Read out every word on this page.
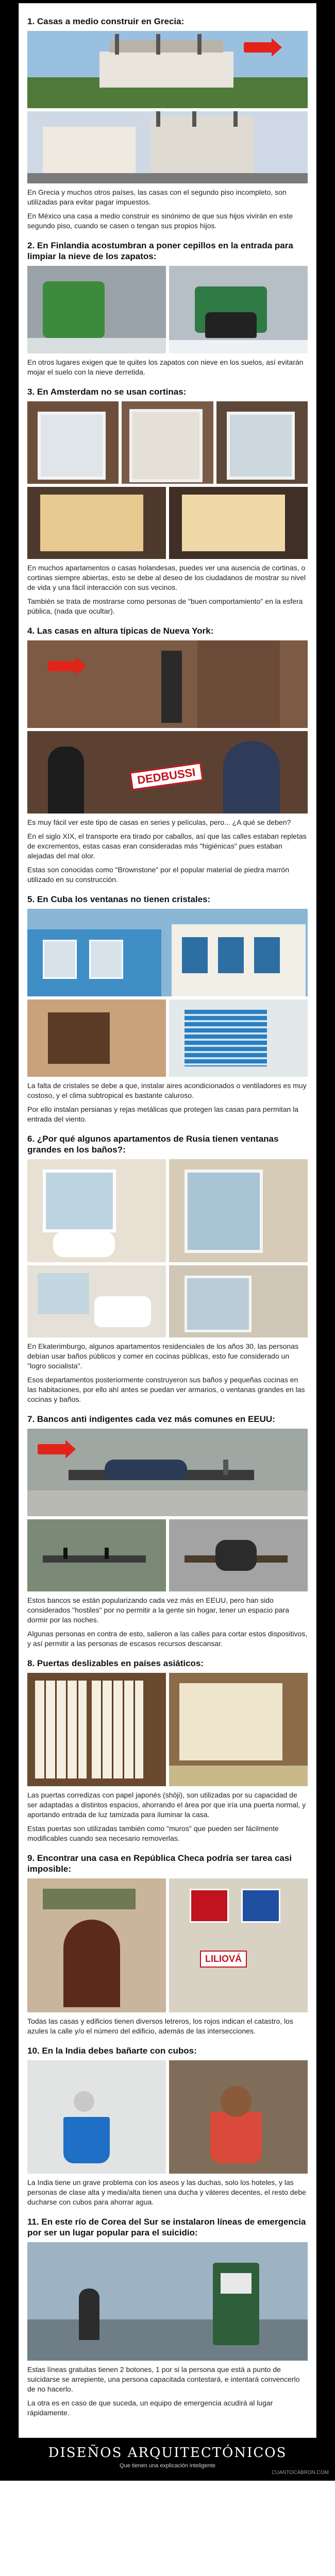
1. Casas a medio construir en Grecia:

En Grecia y muchos otros países, las casas con el segundo piso incompleto, son utilizadas para evitar pagar impuestos.

En México una casa a medio construir es sinónimo de que sus hijos vivirán en este segundo piso, cuando se casen o tengan sus propios hijos.

2. En Finlandia acostumbran a poner cepillos en la entrada para limpiar la nieve de los zapatos:

En otros lugares exigen que te quites los zapatos con nieve en los suelos, así evitarán mojar el suelo con la nieve derretida.

3. En Amsterdam no se usan cortinas:

En muchos apartamentos o casas holandesas, puedes ver una ausencia de cortinas, o cortinas siempre abiertas, esto se debe al deseo de los ciudadanos de mostrar su nivel de vida y una fácil interacción con sus vecinos.

También se trata de mostrarse como personas de "buen comportamiento" en la esfera pública, (nada que ocultar).

4. Las casas en altura típicas de Nueva York:
DEDBUSSI

Es muy fácil ver este tipo de casas en series y películas, pero... ¿A qué se deben?

En el siglo XIX, el transporte era tirado por caballos, así que las calles estaban repletas de excrementos, estas casas eran consideradas más "higiénicas" pues estaban alejadas del mal olor.

Estas son conocidas como "Brownstone" por el popular material de piedra marrón utilizado en su construcción.

5. En Cuba los ventanas no tienen cristales:

La falta de cristales se debe a que, instalar aires acondicionados o ventiladores es muy costoso, y el clima subtropical es bastante caluroso.

Por ello instalan persianas y rejas metálicas que protegen las casas para permitan la entrada del viento.

6. ¿Por qué algunos apartamentos de Rusia tienen ventanas grandes en los baños?:

En Ekaterimburgo, algunos apartamentos residenciales de los años 30, las personas debían usar baños públicos y comer en cocinas públicas, esto fue considerado un "logro socialista".

Esos departamentos posteriormente construyeron sus baños y pequeñas cocinas en las habitaciones, por ello ahí antes se puedan ver armarios, o ventanas grandes en las cocinas y baños.

7. Bancos anti indigentes cada vez más comunes en EEUU:

Estos bancos se están popularizando cada vez más en EEUU, pero han sido considerados "hostiles" por no permitir a la gente sin hogar, tener un espacio para dormir por las noches.

Algunas personas en contra de esto, salieron a las calles para cortar estos dispositivos, y así permitir a las personas de escasos recursos descansar.

8. Puertas deslizables en países asiáticos:

Las puertas corredizas con papel japonés (shōji), son utilizadas por su capacidad de ser adaptadas a distintos espacios, ahorrando el área por que iría una puerta normal, y aportando entrada de luz tamizada para iluminar la casa.

Estas puertas son utilizadas también como "muros" que pueden ser fácilmente modificables cuando sea necesario removerlas.

9. Encontrar una casa en República Checa podría ser tarea casi imposible:
LILIOVÁ

Todas las casas y edificios tienen diversos letreros, los rojos indican el catastro, los azules la calle y/o el número del edificio, además de las intersecciones.

10. En la India debes bañarte con cubos:

La India tiene un grave problema con los aseos y las duchas, solo los hoteles, y las personas de clase alta y media/alta tienen una ducha y váteres decentes, el resto debe ducharse con cubos para ahorrar agua.

11. En este río de Corea del Sur se instalaron líneas de emergencia por ser un lugar popular para el suicidio:

Estas líneas gratuitas tienen 2 botones, 1 por si la persona que está a punto de suicidarse se arrepiente, una persona capacitada contestará, e intentará convencerlo de no hacerlo.

La otra es en caso de que suceda, un equipo de emergencia acudirá al lugar rápidamente.

DISEÑOS ARQUITECTÓNICOS
Que tienen una explicación inteligente
CUANTOCABRON.COM
